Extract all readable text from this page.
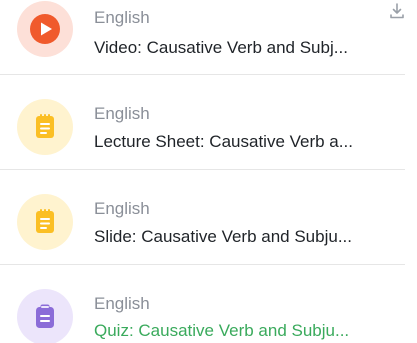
English
Video: Causative Verb and Subj...
English
Lecture Sheet: Causative Verb a...
English
Slide: Causative Verb and Subju...
English
Quiz: Causative Verb and Subju...
